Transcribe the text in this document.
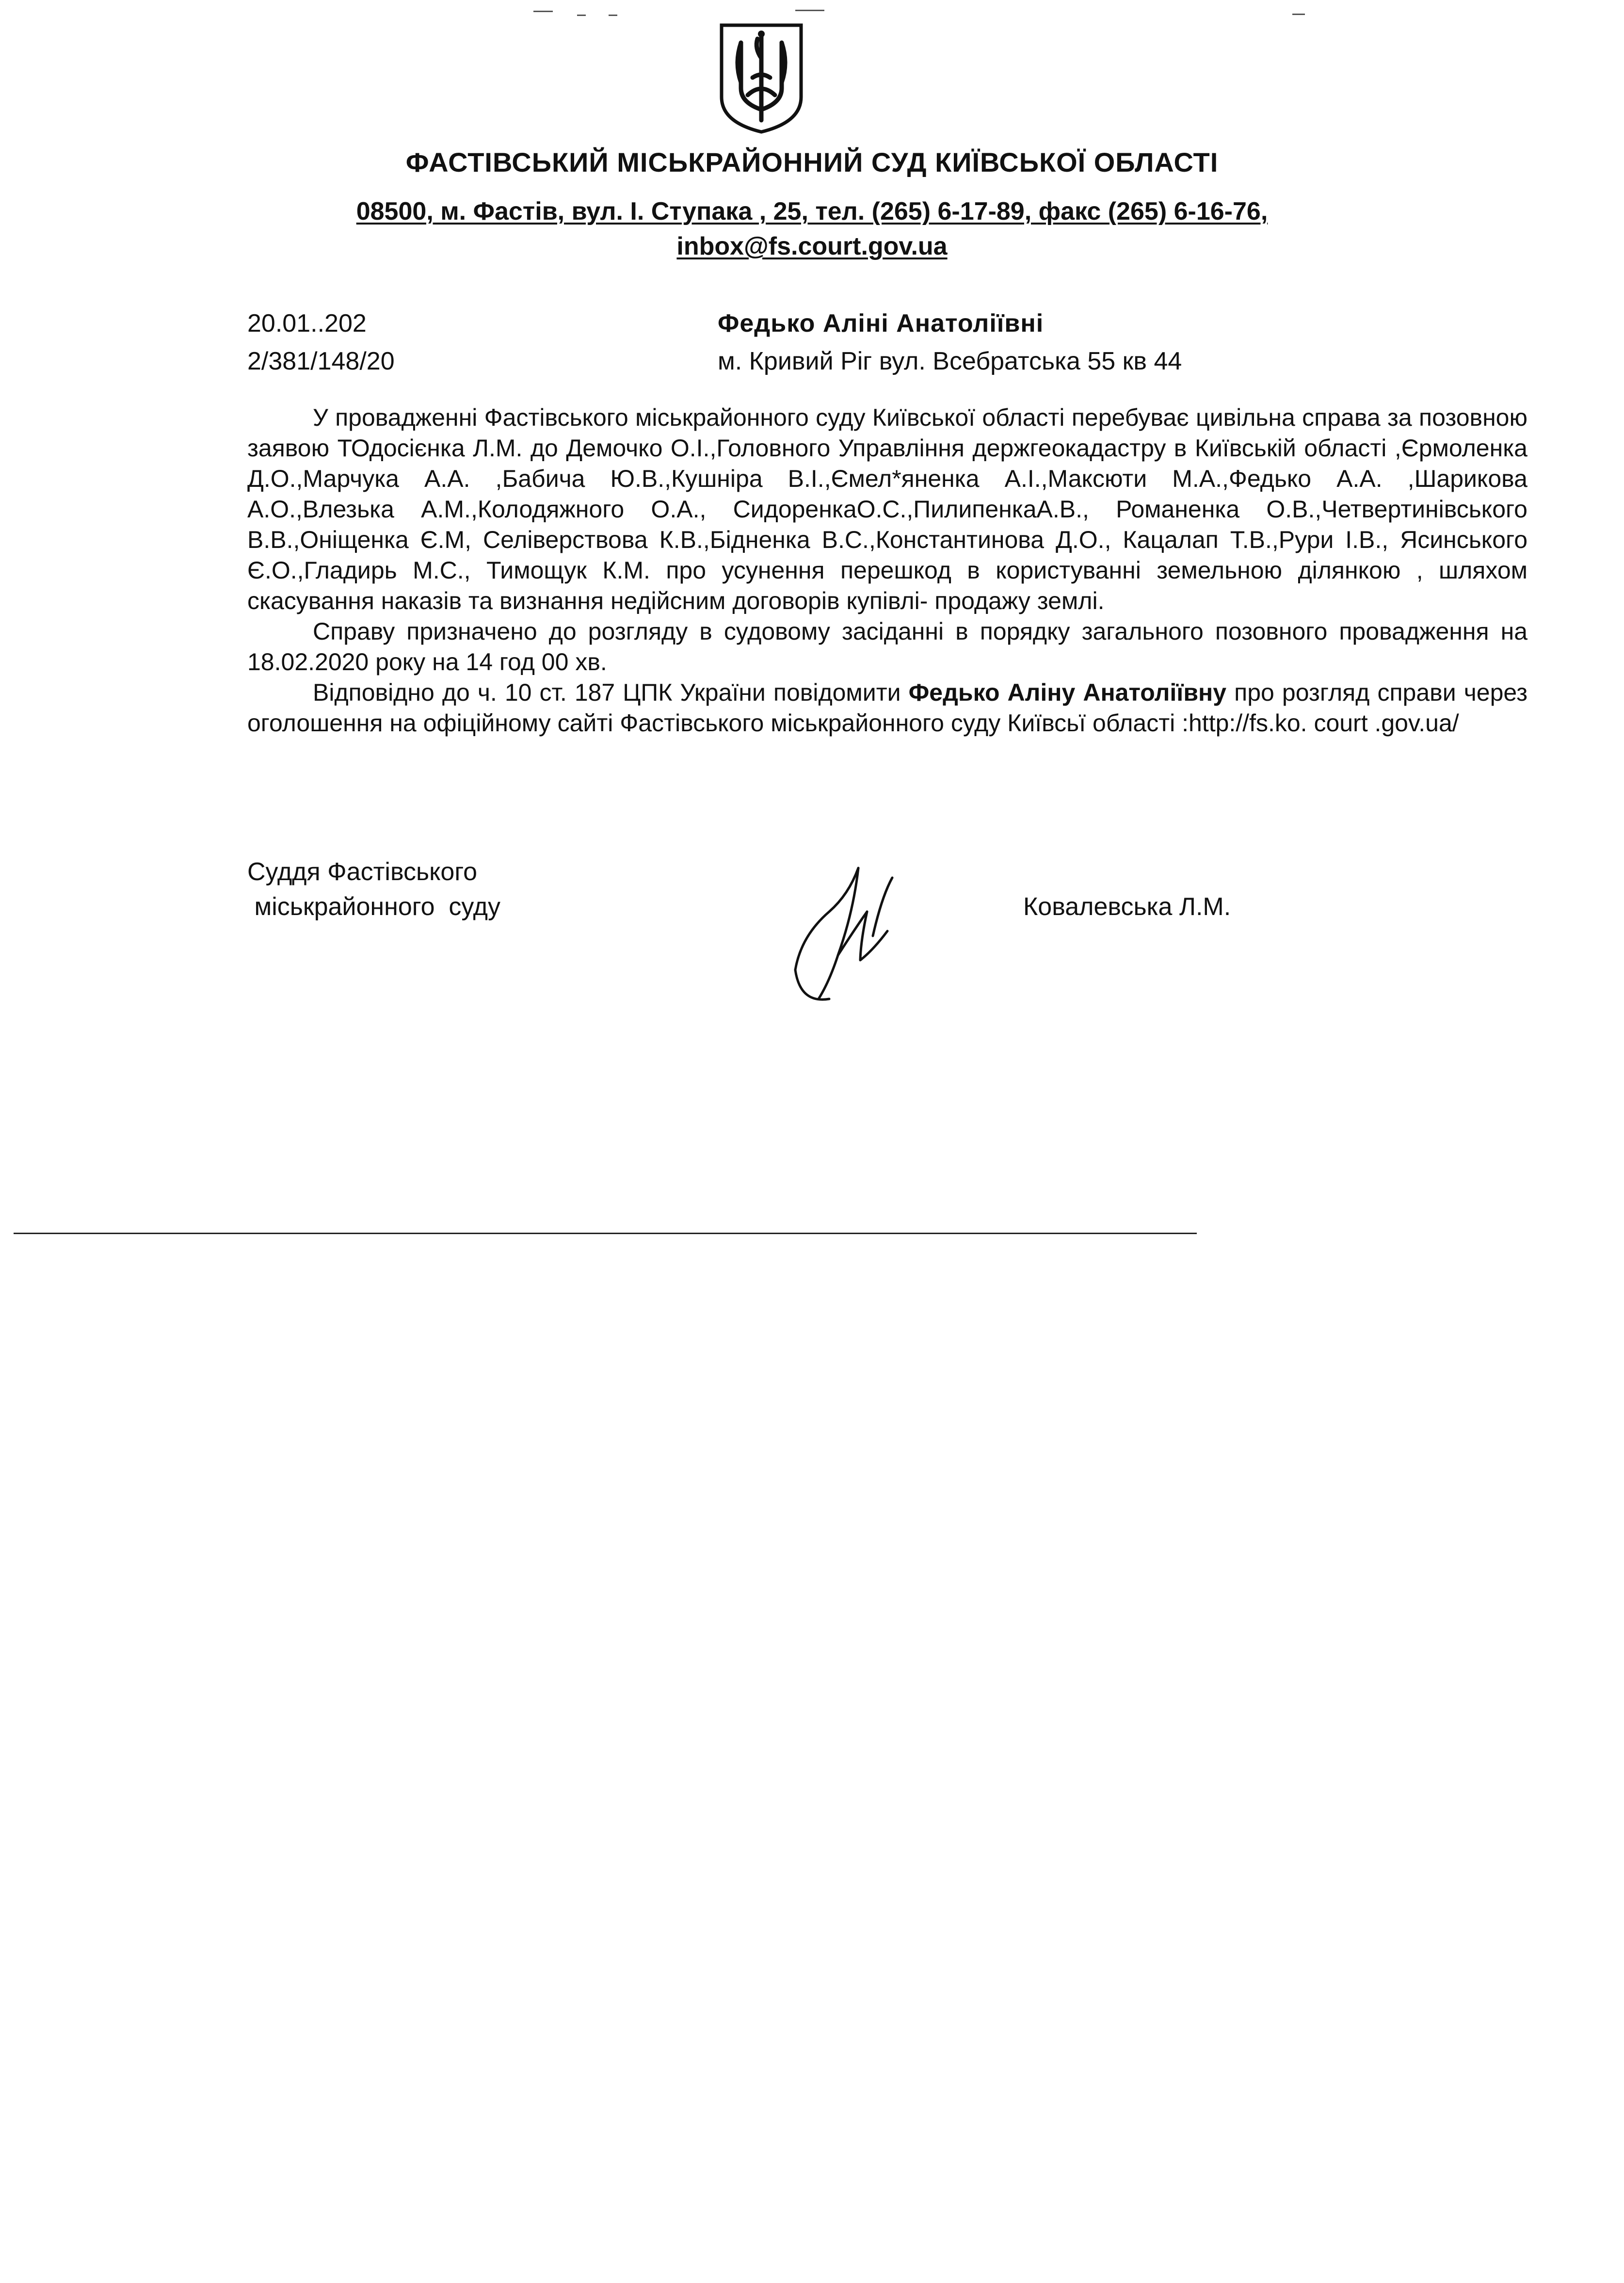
ФАСТІВСЬКИЙ МІСЬКРАЙОННИЙ СУД КИЇВСЬКОЇ ОБЛАСТІ
08500, м. Фастів, вул. І. Ступака , 25, тел. (265) 6-17-89, факс (265) 6-16-76,
inbox@fs.court.gov.ua
20.01..202
2/381/148/20
Федько Аліні Анатоліївні
м. Кривий Ріг вул. Всебратська 55 кв 44

У провадженні Фастівського міськрайонного суду Київської області перебуває цивільна справа за позовною заявою ТОдосієнка Л.М. до Демочко О.І.,Головного Управління держгеокадастру в Київській області ,Єрмоленка Д.О.,Марчука А.А. ,Бабича Ю.В.,Кушніра В.І.,Ємел*яненка А.І.,Максюти М.А.,Федько А.А. ,Шарикова А.О.,Влезька А.М.,Колодяжного О.А., СидоренкаО.С.,ПилипенкаА.В., Романенка О.В.,Четвертинівського В.В.,Оніщенка Є.М, Селіверствова К.В.,Бідненка В.С.,Константинова Д.О., Кацалап Т.В.,Рури І.В., Ясинського Є.О.,Гладирь М.С., Тимощук К.М. про усунення перешкод в користуванні земельною ділянкою , шляхом скасування наказів та визнання недійсним договорів купівлі- продажу землі.

Справу призначено до розгляду в судовому засіданні в порядку загального позовного провадження на 18.02.2020 року на 14 год 00 хв.

Відповідно до ч. 10 ст. 187 ЦПК України повідомити Федько Аліну Анатоліївну про розгляд справи через оголошення на офіційному сайті Фастівського міськрайонного суду Київсьї області :http://fs.ko. court .gov.ua/

Суддя Фастівського
міськрайонного  суду	Ковалевська Л.М.
